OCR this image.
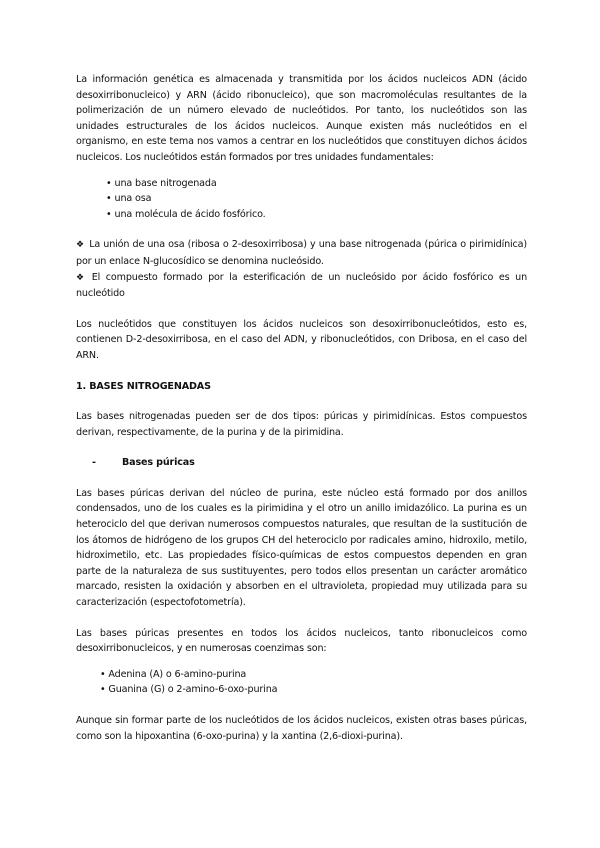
La información genética es almacenada y transmitida por los ácidos nucleicos ADN (ácido desoxirribonucleico) y ARN (ácido ribonucleico), que son macromoléculas resultantes de la polimerización de un número elevado de nucleótidos. Por tanto, los nucleótidos son las unidades estructurales de los ácidos nucleicos. Aunque existen más nucleótidos en el organismo, en este tema nos vamos a centrar en los nucleótidos que constituyen dichos ácidos nucleicos. Los nucleótidos están formados por tres unidades fundamentales:

• una base nitrogenada
• una osa
• una molécula de ácido fosfórico.

❖ La unión de una osa (ribosa o 2-desoxirribosa) y una base nitrogenada (púrica o pirimidínica) por un enlace N-glucosídico se denomina nucleósido.

❖ El compuesto formado por la esterificación de un nucleósido por ácido fosfórico es un nucleótido

Los nucleótidos que constituyen los ácidos nucleicos son desoxirribonucleótidos, esto es, contienen D-2-desoxirribosa, en el caso del ADN, y ribonucleótidos, con Dribosa, en el caso del ARN.

1. BASES NITROGENADAS

Las bases nitrogenadas pueden ser de dos tipos: púricas y pirimidínicas. Estos compuestos derivan, respectivamente, de la purina y de la pirimidina.

-	Bases púricas

Las bases púricas derivan del núcleo de purina, este núcleo está formado por dos anillos condensados, uno de los cuales es la pirimidina y el otro un anillo imidazólico. La purina es un heterociclo del que derivan numerosos compuestos naturales, que resultan de la sustitución de los átomos de hidrógeno de los grupos CH del heterociclo por radicales amino, hidroxilo, metilo, hidroximetilo, etc. Las propiedades físico-químicas de estos compuestos dependen en gran parte de la naturaleza de sus sustituyentes, pero todos ellos presentan un carácter aromático marcado, resisten la oxidación y absorben en el ultravioleta, propiedad muy utilizada para su caracterización (espectofotometría).

Las bases púricas presentes en todos los ácidos nucleicos, tanto ribonucleicos como desoxirribonucleicos, y en numerosas coenzimas son:

• Adenina (A) o 6-amino-purina
• Guanina (G) o 2-amino-6-oxo-purina

Aunque sin formar parte de los nucleótidos de los ácidos nucleicos, existen otras bases púricas, como son la hipoxantina (6-oxo-purina) y la xantina (2,6-dioxi-purina).
